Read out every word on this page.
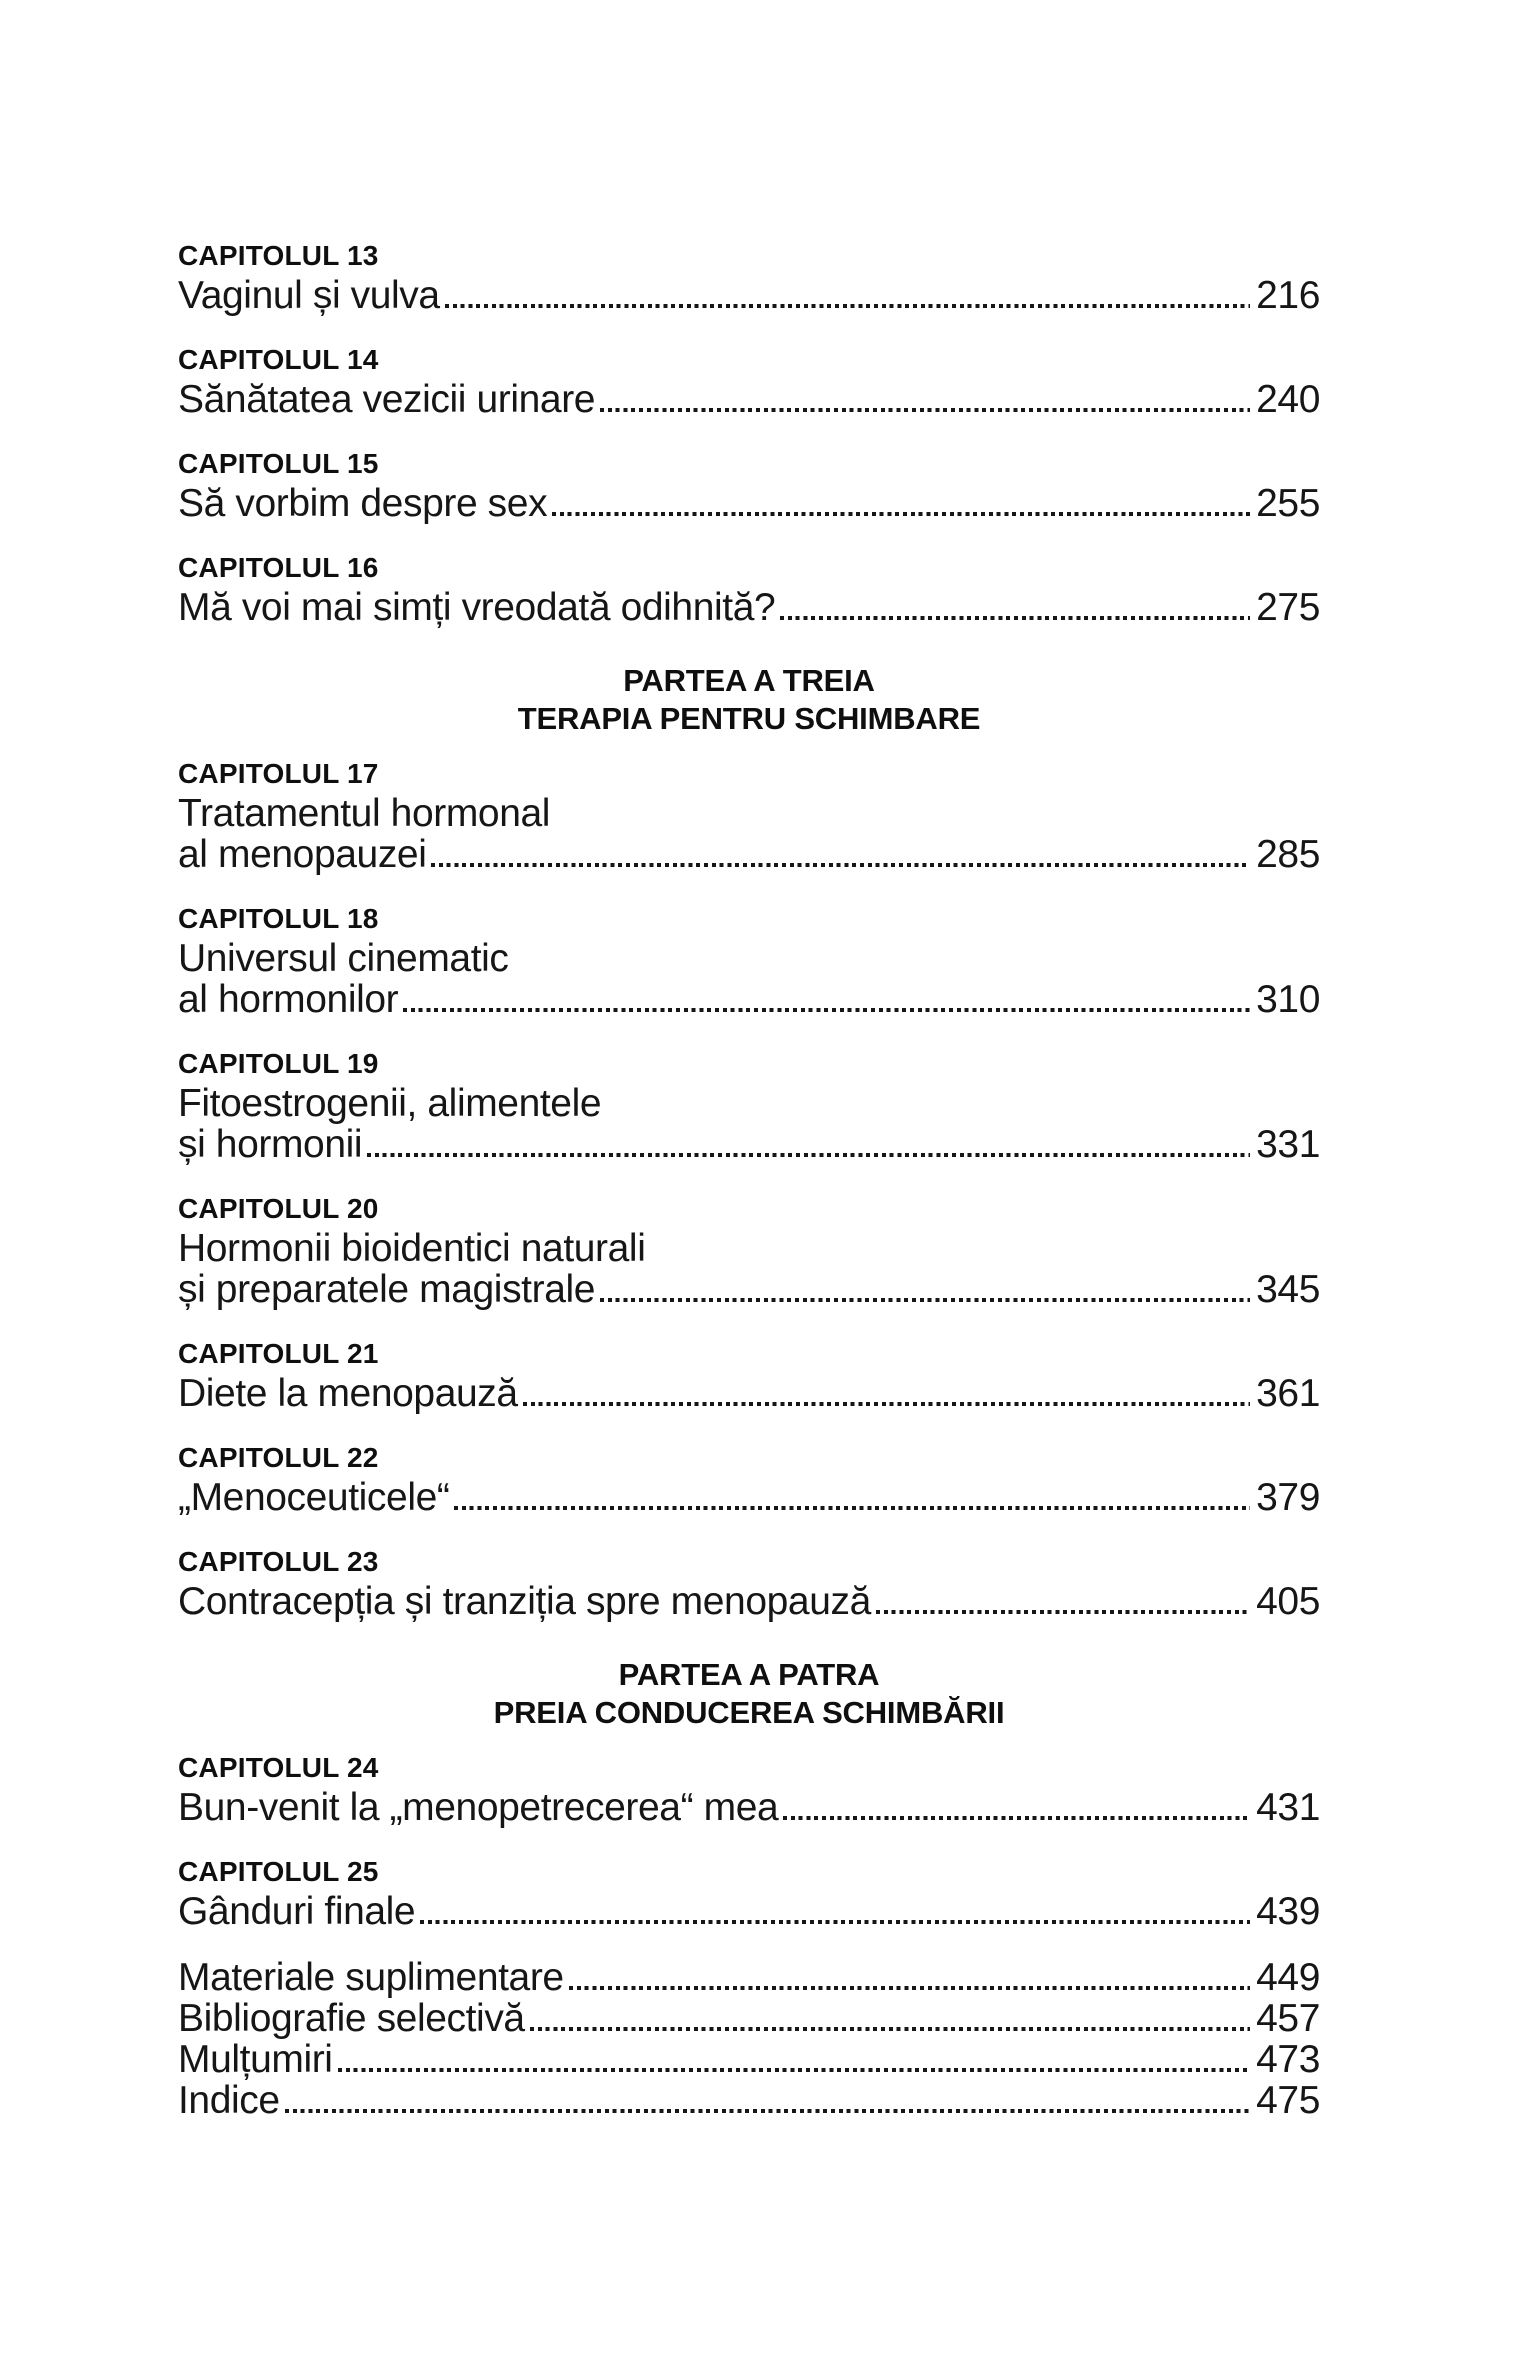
CAPITOLUL 13
Vaginul și vulva	216
CAPITOLUL 14
Sănătatea vezicii urinare	240
CAPITOLUL 15
Să vorbim despre sex	255
CAPITOLUL 16
Mă voi mai simți vreodată odihnită?	275
PARTEA A TREIA
TERAPIA PENTRU SCHIMBARE
CAPITOLUL 17
Tratamentul hormonal
al menopauzei	285
CAPITOLUL 18
Universul cinematic
al hormonilor	310
CAPITOLUL 19
Fitoestrogenii, alimentele
și hormonii	331
CAPITOLUL 20
Hormonii bioidentici naturali
și preparatele magistrale	345
CAPITOLUL 21
Diete la menopauză	361
CAPITOLUL 22
„Menoceuticele“	379
CAPITOLUL 23
Contracepția și tranziția spre menopauză	405
PARTEA A PATRA
PREIA CONDUCEREA SCHIMBĂRII
CAPITOLUL 24
Bun-venit la „menopetrecerea“ mea	431
CAPITOLUL 25
Gânduri finale	439
Materiale suplimentare	449
Bibliografie selectivă	457
Mulțumiri	473
Indice	475
